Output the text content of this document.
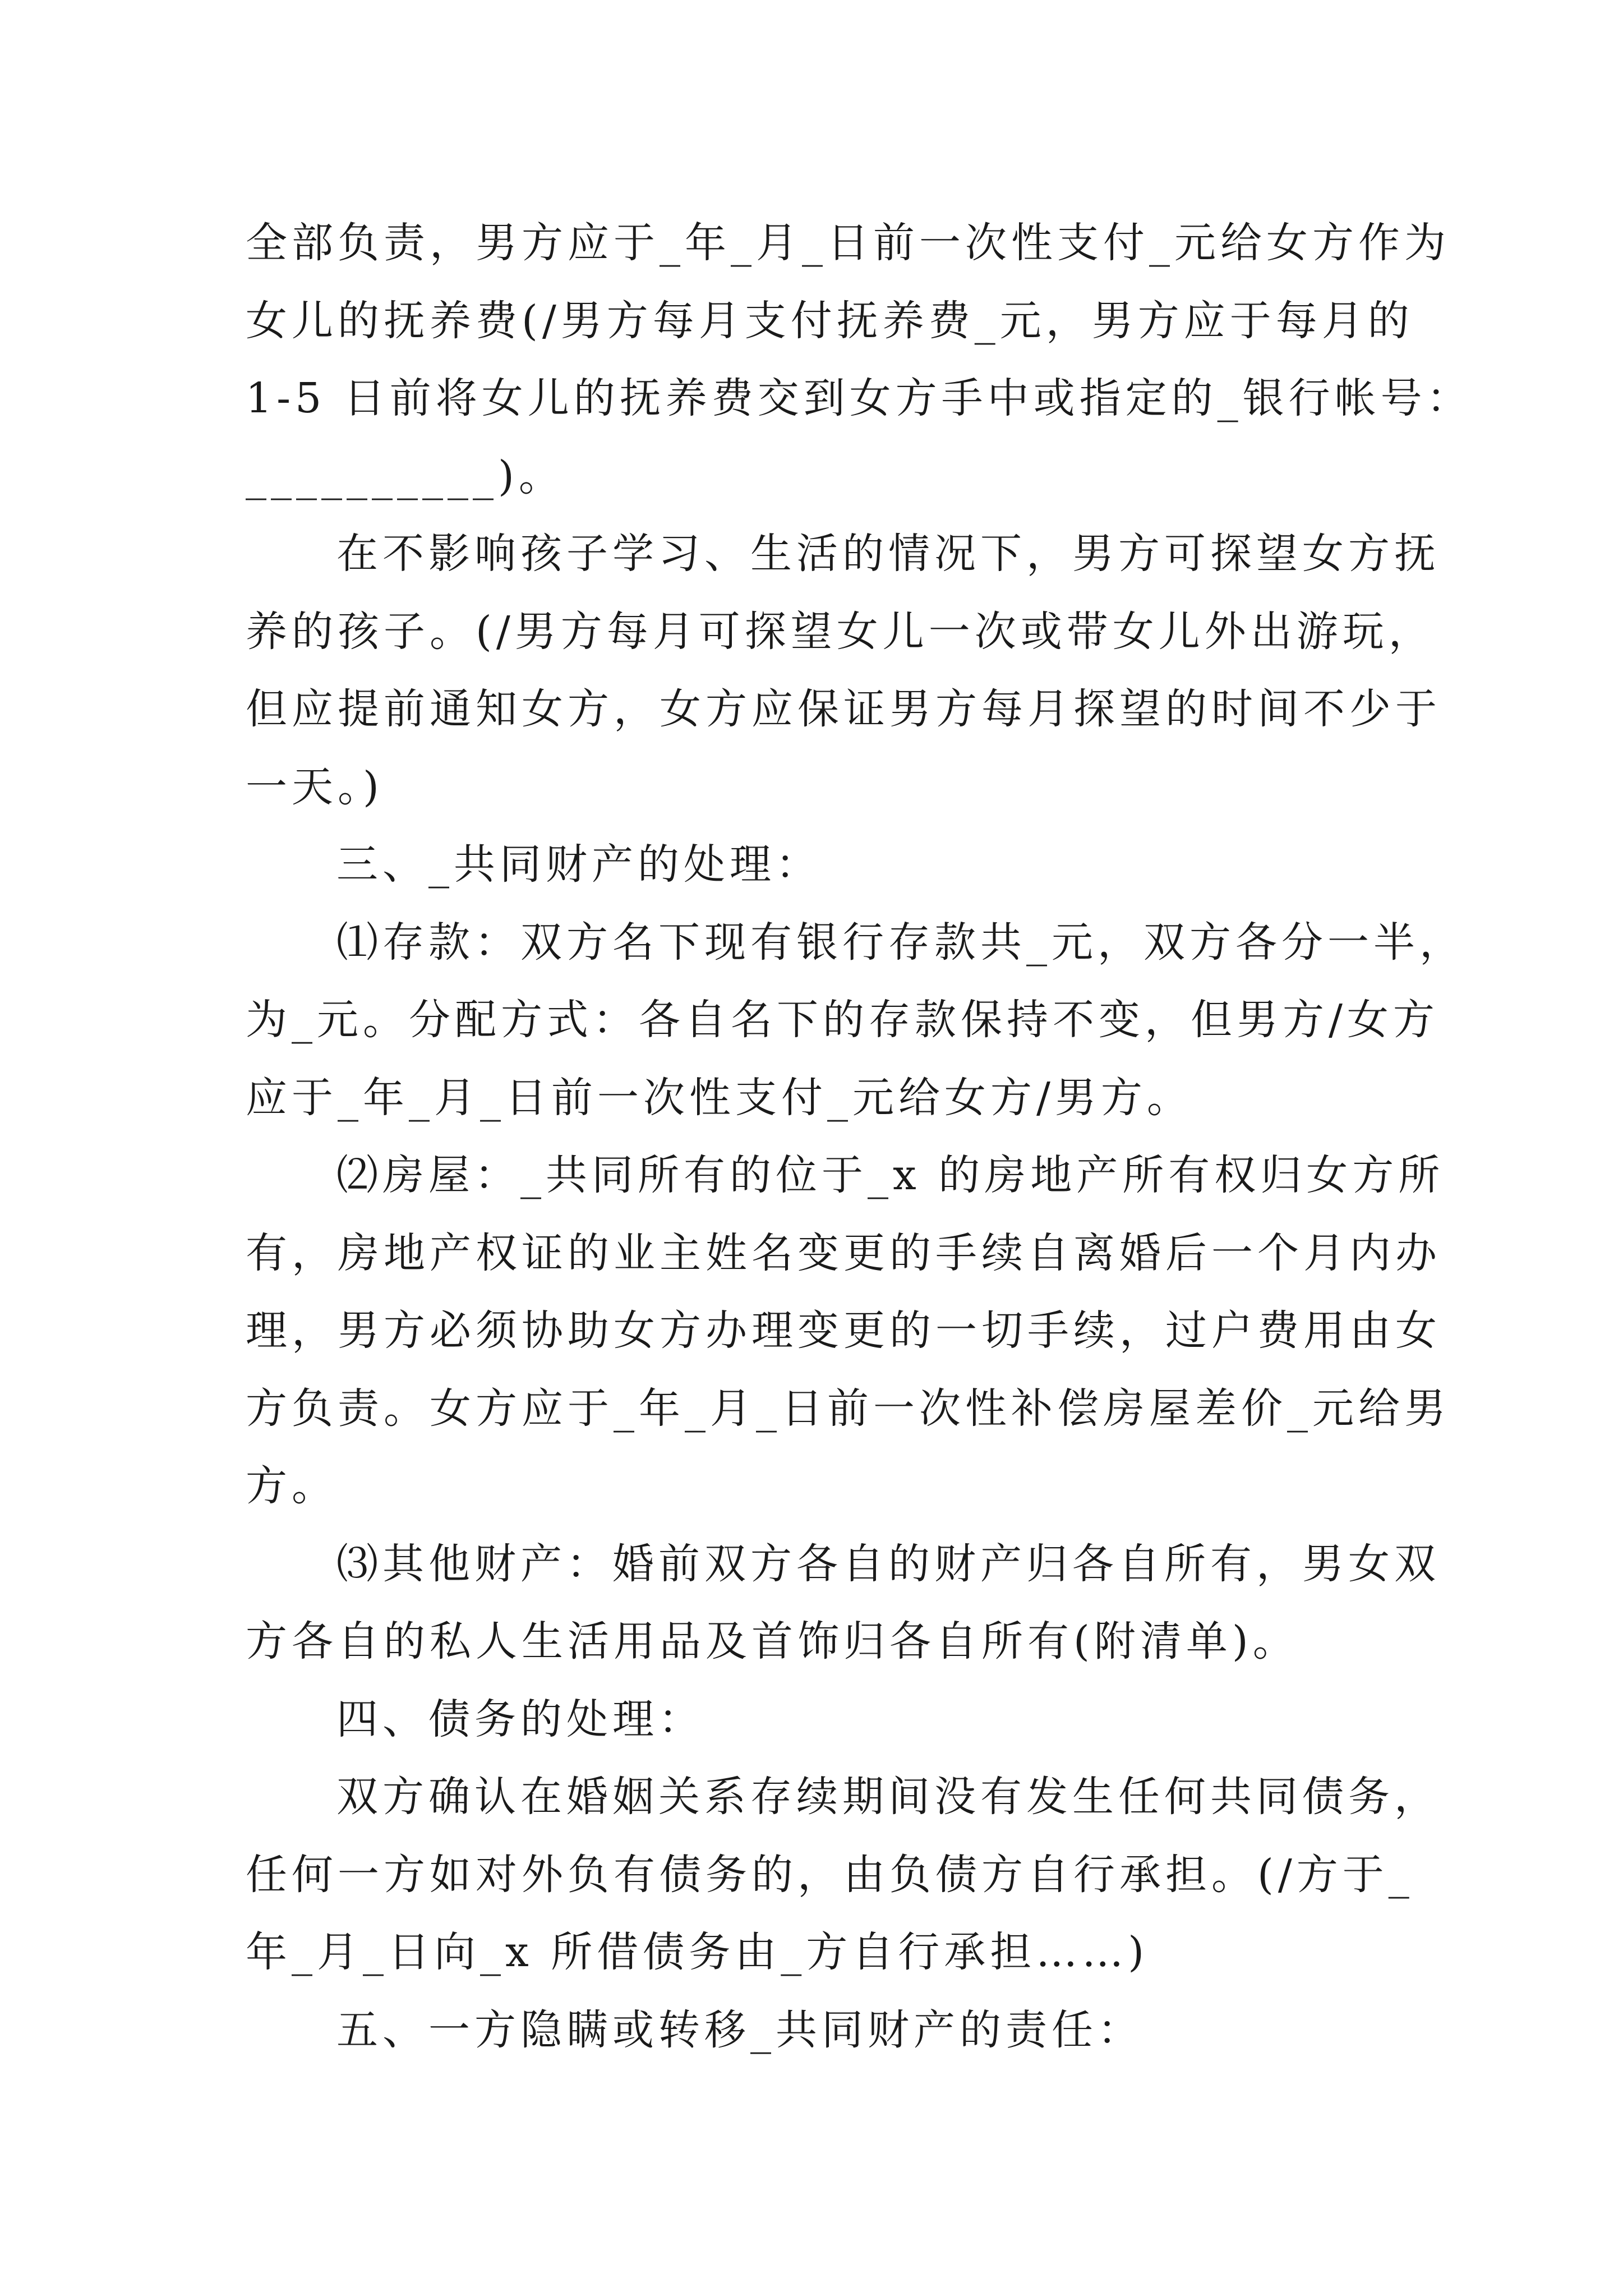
全部负责，男方应于_年_月_日前一次性支付_元给女方作为
女儿的抚养费(/男方每月支付抚养费_元，男方应于每月的
1-5 日前将女儿的抚养费交到女方手中或指定的_银行帐号：
__________)。
在不影响孩子学习、生活的情况下，男方可探望女方抚
养的孩子。(/男方每月可探望女儿一次或带女儿外出游玩，
但应提前通知女方，女方应保证男方每月探望的时间不少于
一天。)
三、_共同财产的处理：
⑴存款：双方名下现有银行存款共_元，双方各分一半，
为_元。分配方式：各自名下的存款保持不变，但男方/女方
应于_年_月_日前一次性支付_元给女方/男方。
⑵房屋：_共同所有的位于_x 的房地产所有权归女方所
有，房地产权证的业主姓名变更的手续自离婚后一个月内办
理，男方必须协助女方办理变更的一切手续，过户费用由女
方负责。女方应于_年_月_日前一次性补偿房屋差价_元给男
方。
⑶其他财产：婚前双方各自的财产归各自所有，男女双
方各自的私人生活用品及首饰归各自所有(附清单)。
四、债务的处理：
双方确认在婚姻关系存续期间没有发生任何共同债务，
任何一方如对外负有债务的，由负债方自行承担。(/方于_
年_月_日向_x 所借债务由_方自行承担……)
五、一方隐瞒或转移_共同财产的责任：
